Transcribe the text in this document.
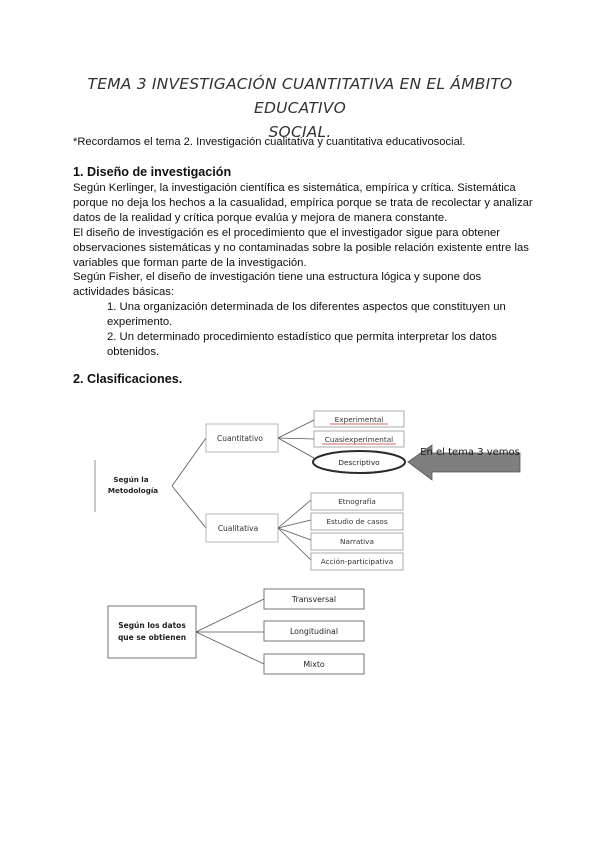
TEMA 3 INVESTIGACIÓN CUANTITATIVA EN EL ÁMBITO EDUCATIVO
SOCIAL.
*Recordamos el tema 2. Investigación cualitativa y cuantitativa educativosocial.
1. Diseño de investigación

Según Kerlinger, la investigación científica es sistemática, empírica y crítica. Sistemática porque no deja los hechos a la casualidad, empírica porque se trata de recolectar y analizar datos de la realidad y crítica porque evalúa y mejora de manera constante.

El diseño de investigación es el procedimiento que el investigador sigue para obtener observaciones sistemáticas y no contaminadas sobre la posible relación existente entre las variables que forman parte de la investigación.

Según Fisher, el diseño de investigación tiene una estructura lógica y supone dos actividades básicas:

1. Una organización determinada de los diferentes aspectos que constituyen un experimento.
2. Un determinado procedimiento estadístico que permita interpretar los datos obtenidos.
2. Clasificaciones.
Según la
Metodología
Cuantitativo
Cualitativa
Experimental
Cuasiexperimental
Descriptivo
En el tema 3 vemos
Etnografía
Estudio de casos
Narrativa
Acción-participativa
Según los datos
que se obtienen
Transversal
Longitudinal
Mixto
